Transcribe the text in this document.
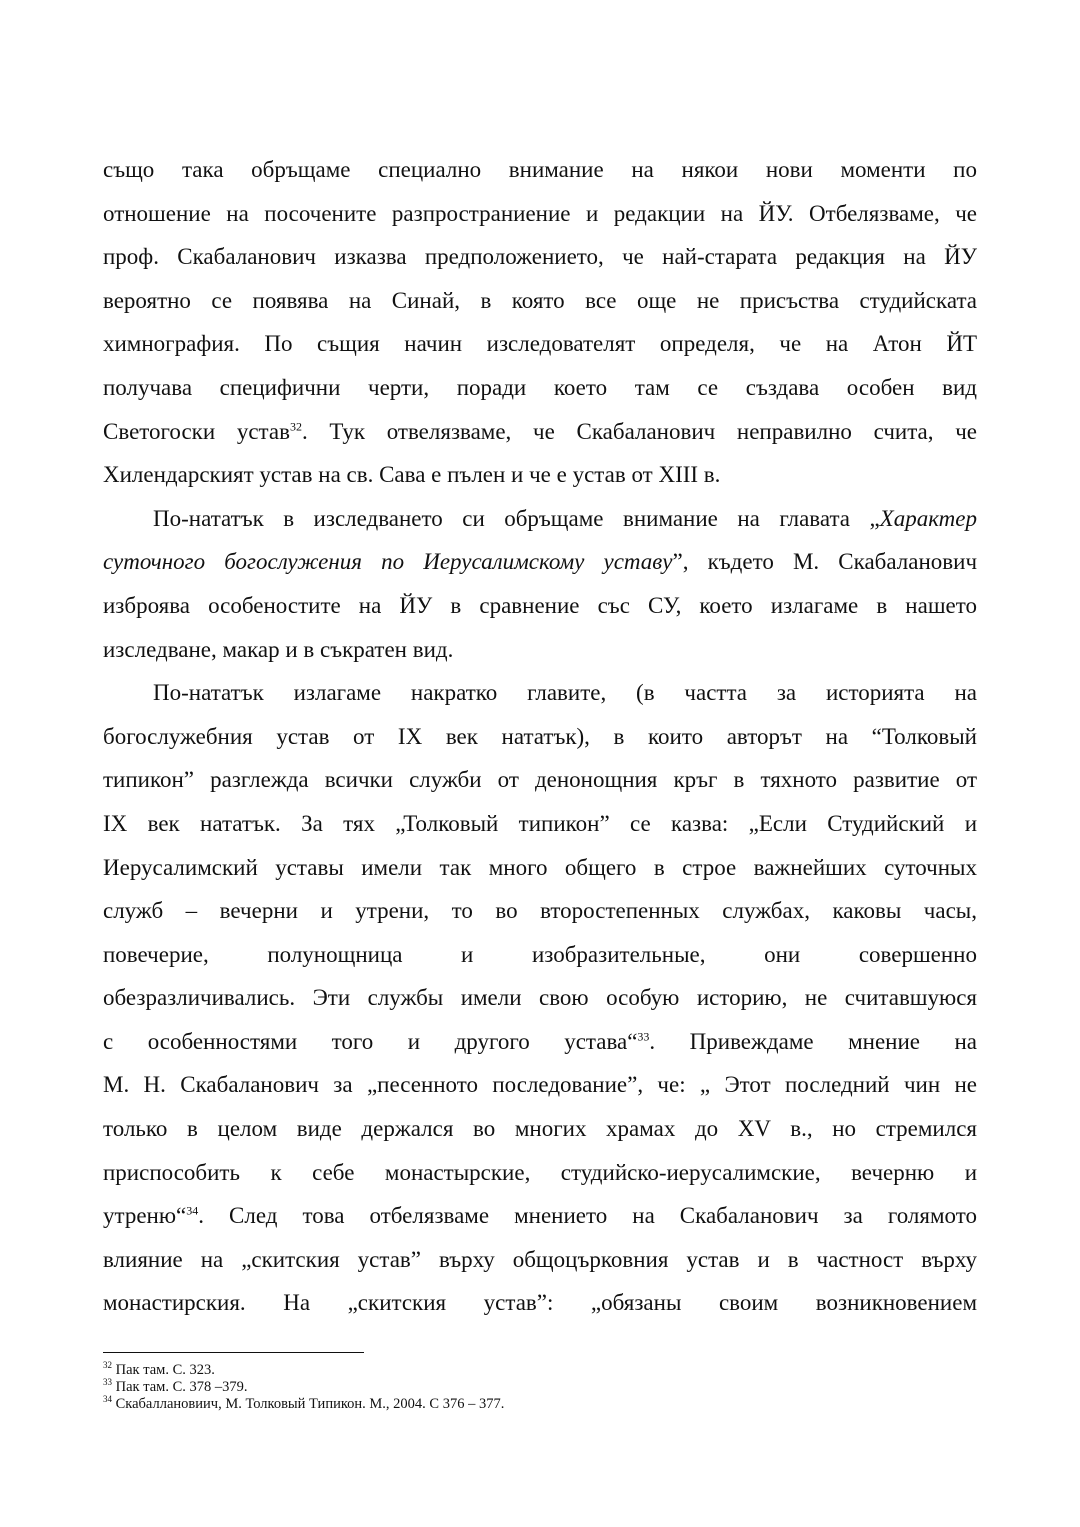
също така обръщаме специално внимание на някои нови моменти по
отношение на посочените разпространиение и редакции на ЙУ. Отбелязваме, че
проф. Скабаланович изказва предположението, че най-старата редакция на ЙУ
вероятно се появява на Синай, в която все още не присъства студийската
химнография. По същия начин изследователят определя, че на Атон ЙТ
получава специфични черти, поради което там се създава особен вид
Светогоски устав$^{32}$. Тук отвелязваме, че Скабаланович неправилно счита, че
Хилендарският устав на св. Сава е пълен и че е устав от XIII в.

По-нататък в изследването си обръщаме внимание на главата „Характер
суточного богослужения по Иерусалимскому уставу”, където М. Скабаланович
изброява особеностите на ЙУ в сравнение със СУ, което излагаме в нашето
изследване, макар и в съкратен вид.

По-нататък излагаме накратко главите, (в частта за историята на
богослужебния устав от IX век нататък), в които авторът на “Толковый
типикон” разглежда всички служби от денонощния кръг в тяхното развитие от
IX век нататък. За тях „Толковый типикон” се казва: „Если Студийский и
Иерусалимский уставы имели так много общего в строе важнейших суточных
служб – вечерни и утрени, то во второстепенных службах, каковы часы,
повечерие, полунощница и изобразительные, они совершенно
обезразличивались. Эти службы имели свою особую историю, не считавшуюся
с особенностями того и другого устава“$^{33}$. Привеждаме мнение на
М. Н. Скабаланович за „песенното последование”, че: „ Этот последний чин не
только в целом виде держался во многих храмах до XV в., но стремился
приспособить к себе монастырские, студийско-иерусалимские, вечерню и
утреню“$^{34}$. След това отбелязваме мнението на Скабаланович за голямото
влияние на „скитския устав” върху общоцърковния устав и в частност върху
монастирския. На „скитския устав”: „обязаны своим возникновением

$^{32}$ Пак там. С. 323.
$^{33}$ Пак там. С. 378 –379.
$^{34}$ Скабаллановиич, М. Толковый Типикон. М., 2004. С 376 – 377.
